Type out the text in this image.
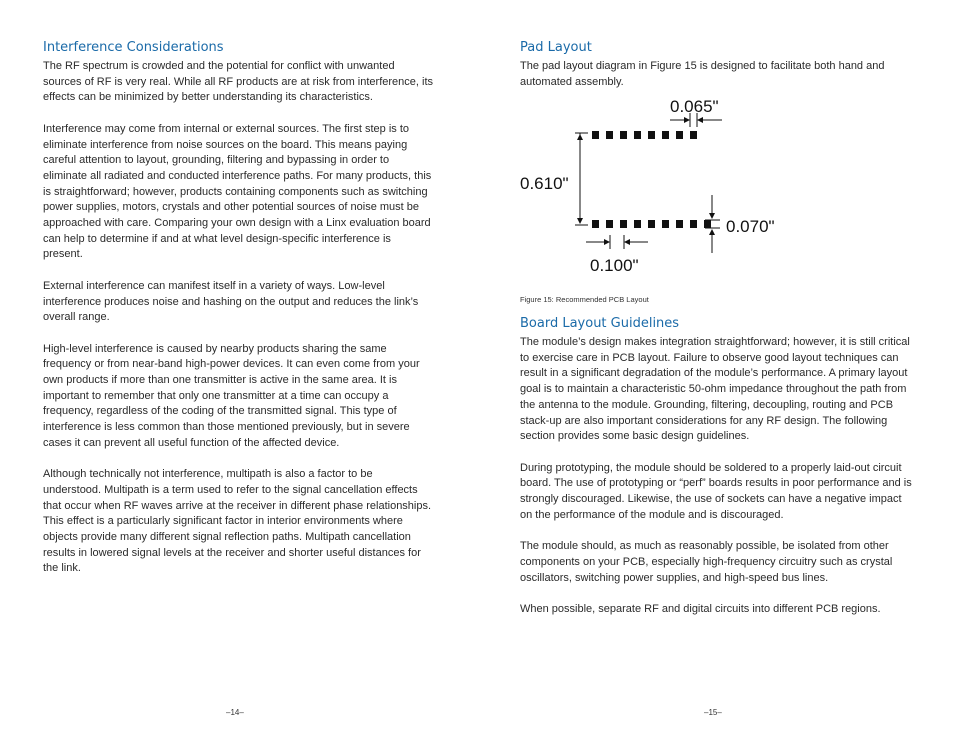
Interference Considerations

The RF spectrum is crowded and the potential for conflict with unwanted sources of RF is very real. While all RF products are at risk from interference, its effects can be minimized by better understanding its characteristics.

Interference may come from internal or external sources. The first step is to eliminate interference from noise sources on the board. This means paying careful attention to layout, grounding, filtering and bypassing in order to eliminate all radiated and conducted interference paths. For many products, this is straightforward; however, products containing components such as switching power supplies, motors, crystals and other potential sources of noise must be approached with care. Comparing your own design with a Linx evaluation board can help to determine if and at what level design-specific interference is present.

External interference can manifest itself in a variety of ways. Low-level interference produces noise and hashing on the output and reduces the link’s overall range.

High-level interference is caused by nearby products sharing the same frequency or from near-band high-power devices. It can even come from your own products if more than one transmitter is active in the same area. It is important to remember that only one transmitter at a time can occupy a frequency, regardless of the coding of the transmitted signal. This type of interference is less common than those mentioned previously, but in severe cases it can prevent all useful function of the affected device.

Although technically not interference, multipath is also a factor to be understood. Multipath is a term used to refer to the signal cancellation effects that occur when RF waves arrive at the receiver in different phase relationships. This effect is a particularly significant factor in interior environments where objects provide many different signal reflection paths. Multipath cancellation results in lowered signal levels at the receiver and shorter useful distances for the link.

–14–
Pad Layout

The pad layout diagram in Figure 15 is designed to facilitate both hand and automated assembly.

0.610"
0.065"
0.070"
0.100"
Figure 15: Recommended PCB Layout
Board Layout Guidelines

The module’s design makes integration straightforward; however, it is still critical to exercise care in PCB layout. Failure to observe good layout techniques can result in a significant degradation of the module’s performance. A primary layout goal is to maintain a characteristic 50-ohm impedance throughout the path from the antenna to the module. Grounding, filtering, decoupling, routing and PCB stack-up are also important considerations for any RF design. The following section provides some basic design guidelines.

During prototyping, the module should be soldered to a properly laid-out circuit board. The use of prototyping or “perf” boards results in poor performance and is strongly discouraged. Likewise, the use of sockets can have a negative impact on the performance of the module and is discouraged.

The module should, as much as reasonably possible, be isolated from other components on your PCB, especially high-frequency circuitry such as crystal oscillators, switching power supplies, and high-speed bus lines.

When possible, separate RF and digital circuits into different PCB regions.

–15–
